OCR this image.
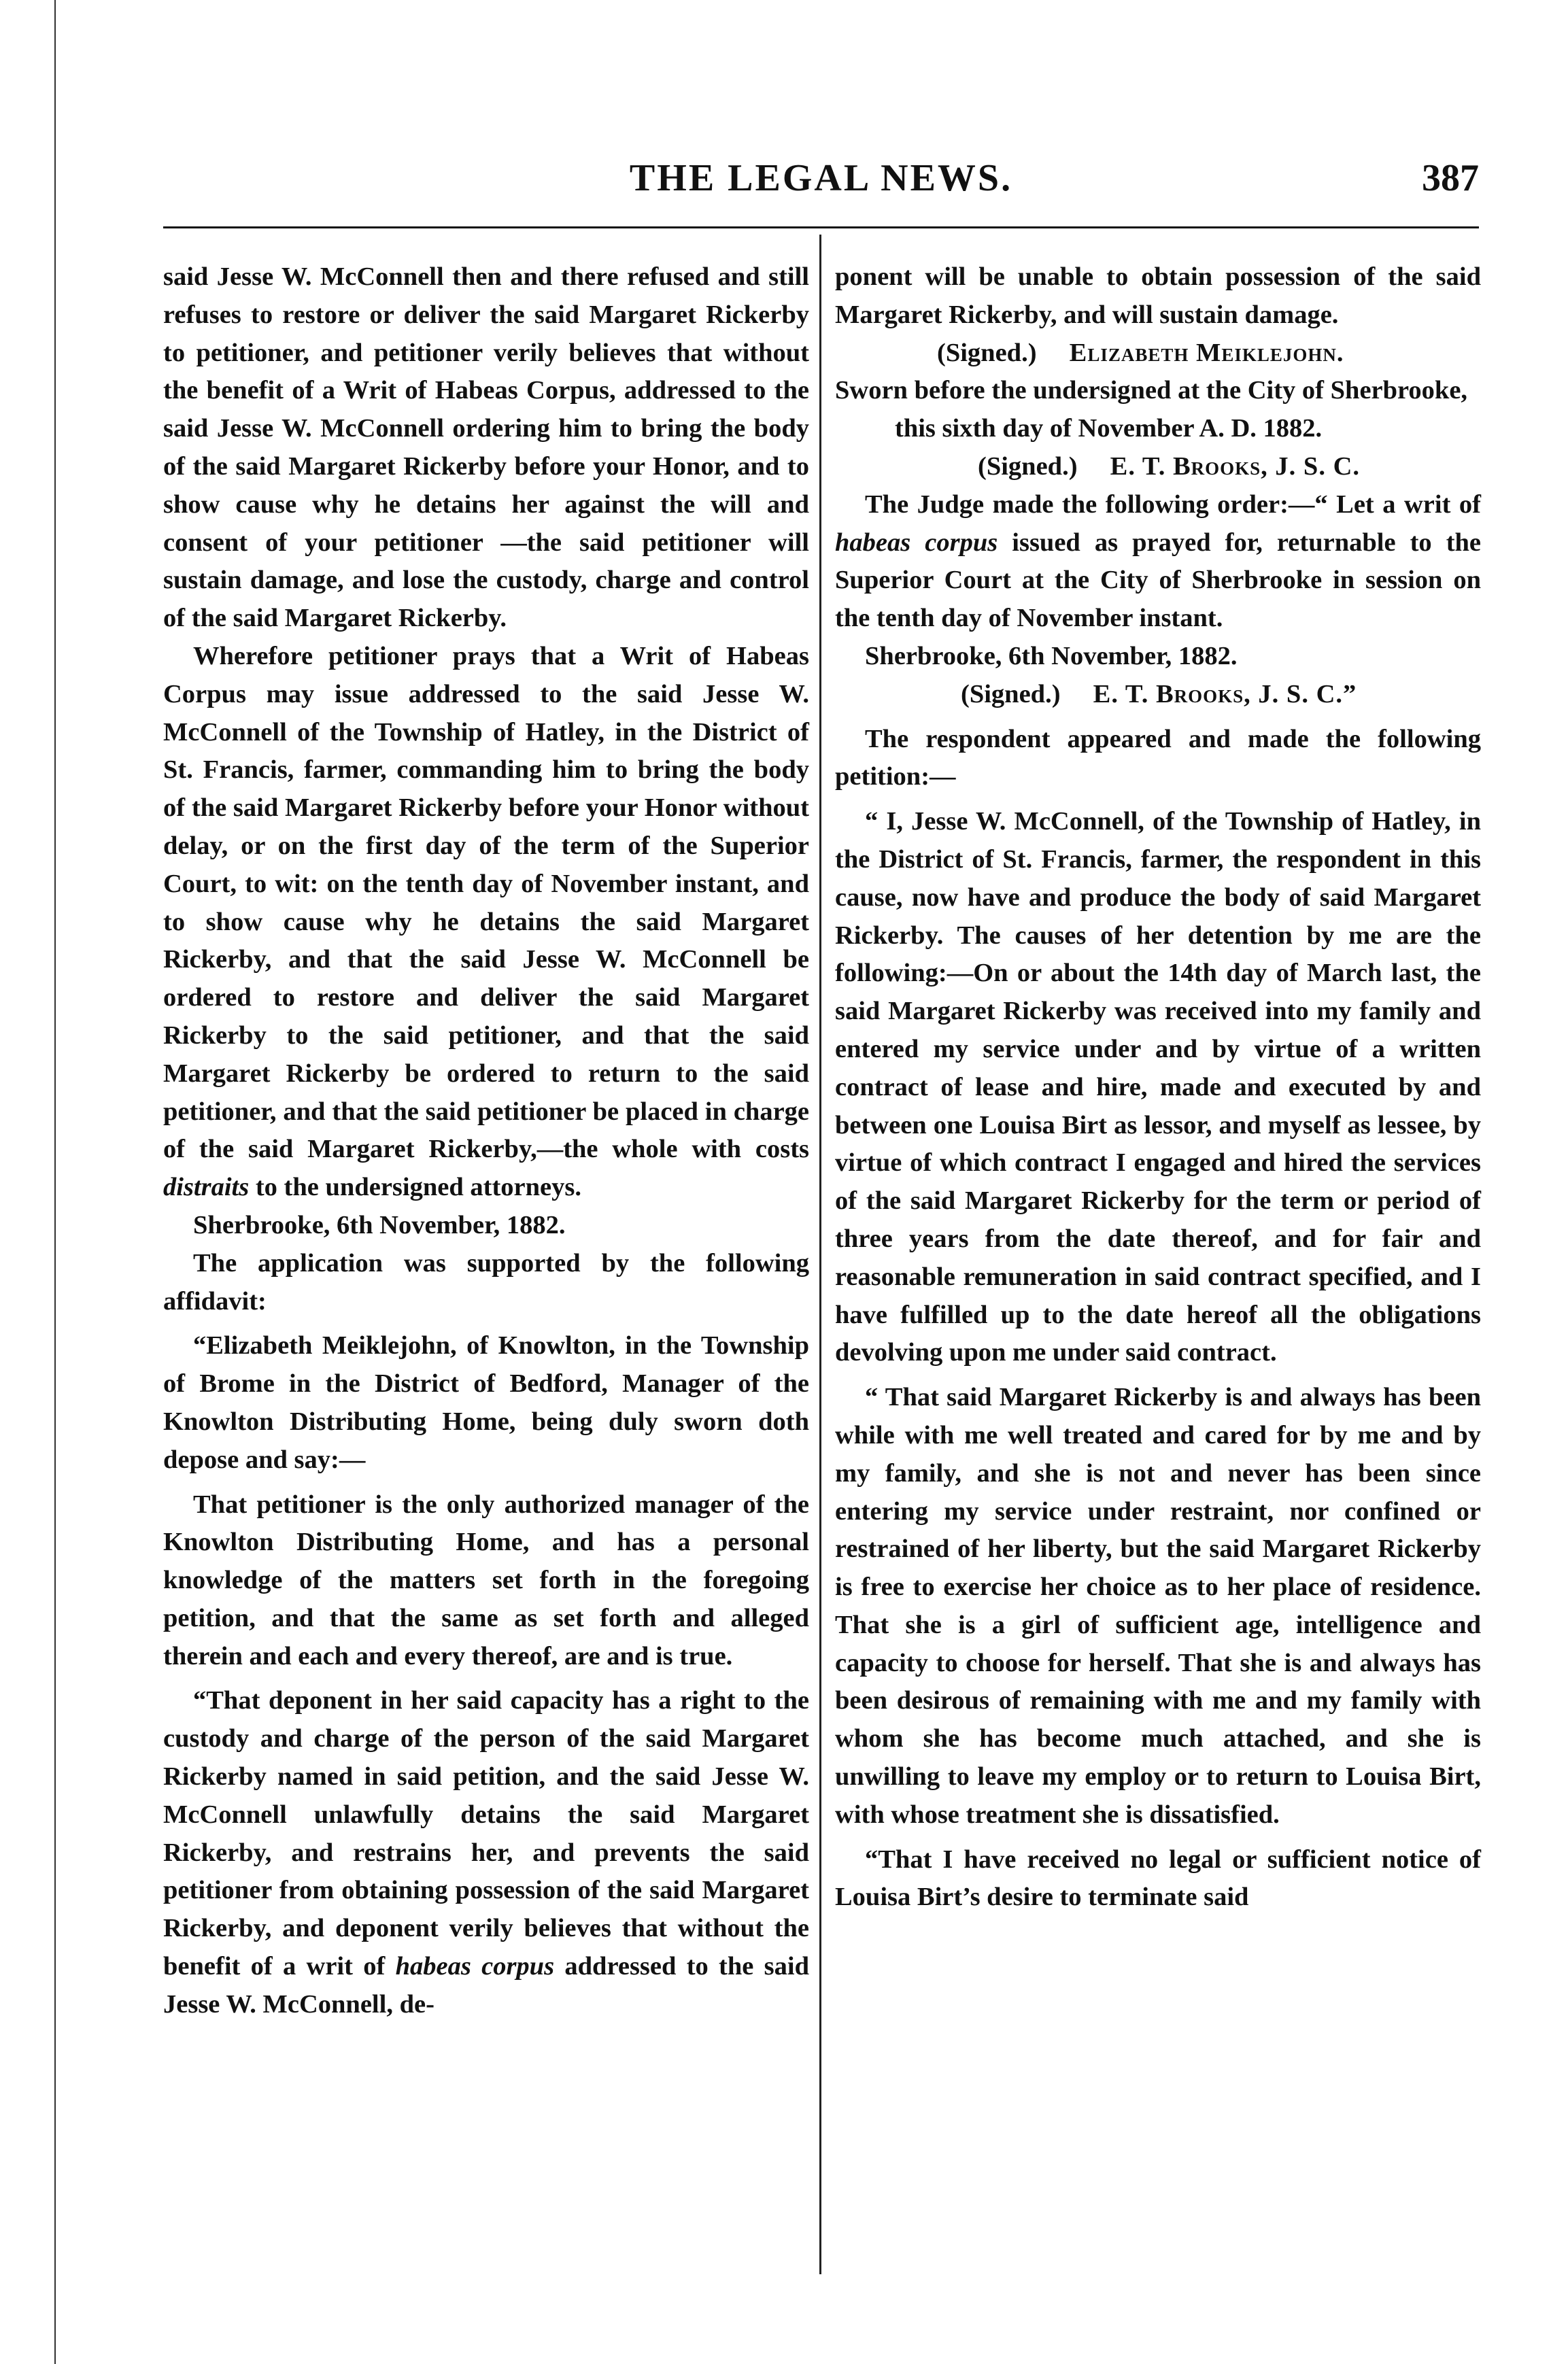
THE LEGAL NEWS.	387

said Jesse W. McConnell then and there refused and still refuses to restore or deliver the said Margaret Rickerby to petitioner, and petitioner verily believes that without the benefit of a Writ of Habeas Corpus, addressed to the said Jesse W. McConnell ordering him to bring the body of the said Margaret Rickerby before your Honor, and to show cause why he detains her against the will and consent of your petitioner —the said petitioner will sustain damage, and lose the custody, charge and control of the said Margaret Rickerby.

Wherefore petitioner prays that a Writ of Habeas Corpus may issue addressed to the said Jesse W. McConnell of the Township of Hatley, in the District of St. Francis, farmer, commanding him to bring the body of the said Margaret Rickerby before your Honor without delay, or on the first day of the term of the Superior Court, to wit: on the tenth day of November instant, and to show cause why he detains the said Margaret Rickerby, and that the said Jesse W. McConnell be ordered to restore and deliver the said Margaret Rickerby to the said petitioner, and that the said Margaret Rickerby be ordered to return to the said petitioner, and that the said petitioner be placed in charge of the said Margaret Rickerby,—the whole with costs distraits to the undersigned attorneys.

Sherbrooke, 6th November, 1882.

The application was supported by the following affidavit:

“Elizabeth Meiklejohn, of Knowlton, in the Township of Brome in the District of Bedford, Manager of the Knowlton Distributing Home, being duly sworn doth depose and say:—

That petitioner is the only authorized manager of the Knowlton Distributing Home, and has a personal knowledge of the matters set forth in the foregoing petition, and that the same as set forth and alleged therein and each and every thereof, are and is true.

“That deponent in her said capacity has a right to the custody and charge of the person of the said Margaret Rickerby named in said petition, and the said Jesse W. McConnell unlawfully detains the said Margaret Rickerby, and restrains her, and prevents the said petitioner from obtaining possession of the said Margaret Rickerby, and deponent verily believes that without the benefit of a writ of habeas corpus addressed to the said Jesse W. McConnell, de-

ponent will be unable to obtain possession of the said Margaret Rickerby, and will sustain damage.

(Signed.) Elizabeth Meiklejohn.

Sworn before the undersigned at the City of Sherbrooke, this sixth day of November A. D. 1882.

(Signed.) E. T. Brooks, J. S. C.

The Judge made the following order:—“ Let a writ of habeas corpus issued as prayed for, returnable to the Superior Court at the City of Sherbrooke in session on the tenth day of November instant.

Sherbrooke, 6th November, 1882.

(Signed.) E. T. Brooks, J. S. C.”

The respondent appeared and made the following petition:—

“ I, Jesse W. McConnell, of the Township of Hatley, in the District of St. Francis, farmer, the respondent in this cause, now have and produce the body of said Margaret Rickerby. The causes of her detention by me are the following:—On or about the 14th day of March last, the said Margaret Rickerby was received into my family and entered my service under and by virtue of a written contract of lease and hire, made and executed by and between one Louisa Birt as lessor, and myself as lessee, by virtue of which contract I engaged and hired the services of the said Margaret Rickerby for the term or period of three years from the date thereof, and for fair and reasonable remuneration in said contract specified, and I have fulfilled up to the date hereof all the obligations devolving upon me under said contract.

“ That said Margaret Rickerby is and always has been while with me well treated and cared for by me and by my family, and she is not and never has been since entering my service under restraint, nor confined or restrained of her liberty, but the said Margaret Rickerby is free to exercise her choice as to her place of residence. That she is a girl of sufficient age, intelligence and capacity to choose for herself. That she is and always has been desirous of remaining with me and my family with whom she has become much attached, and she is unwilling to leave my employ or to return to Louisa Birt, with whose treatment she is dissatisfied.

“That I have received no legal or sufficient notice of Louisa Birt’s desire to terminate said
